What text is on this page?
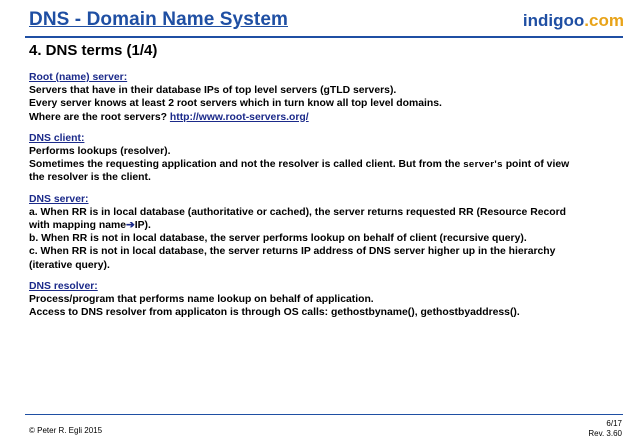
DNS - Domain Name System	indigoo.com
4. DNS terms (1/4)
Root (name) server:
Servers that have in their database IPs of top level servers (gTLD servers).
Every server knows at least 2 root servers which in turn know all top level domains.
Where are the root servers? http://www.root-servers.org/
DNS client:
Performs lookups (resolver).
Sometimes the requesting application and not the resolver is called client. But from the server's point of view
the resolver is the client.
DNS server:
a. When RR is in local database (authoritative or cached), the server returns requested RR (Resource Record
with mapping name➔IP).
b. When RR is not in local database, the server performs lookup on behalf of client (recursive query).
c. When RR is not in local database, the server returns IP address of DNS server higher up in the hierarchy
(iterative query).
DNS resolver:
Process/program that performs name lookup on behalf of application.
Access to DNS resolver from applicaton is through OS calls: gethostbyname(), gethostbyaddress().
© Peter R. Egli 2015
6/17
Rev. 3.60
